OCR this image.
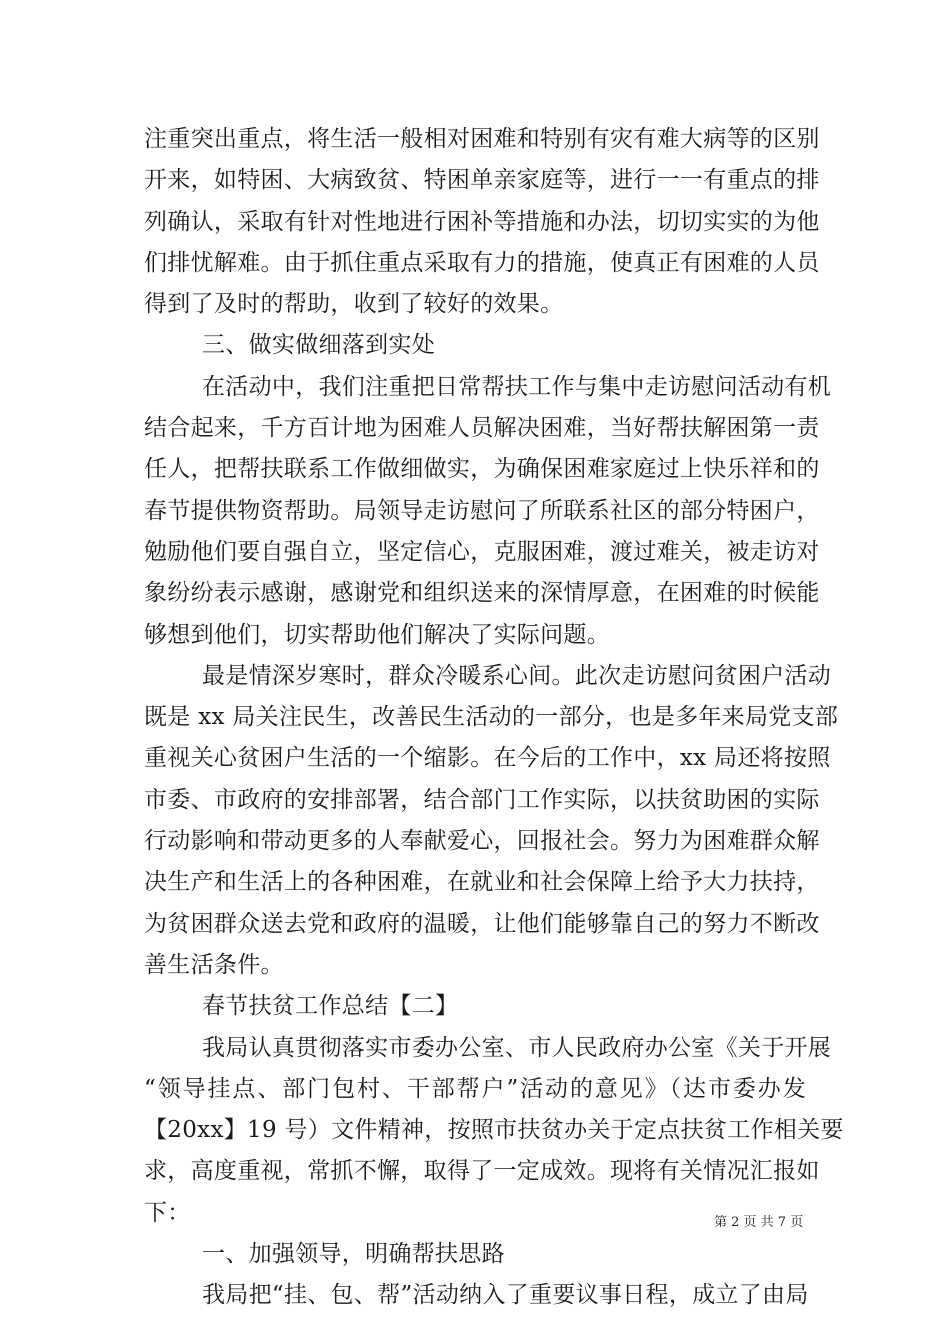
注重突出重点，将生活一般相对困难和特别有灾有难大病等的区别
开来，如特困、大病致贫、特困单亲家庭等，进行一一有重点的排
列确认，采取有针对性地进行困补等措施和办法，切切实实的为他
们排忧解难。由于抓住重点采取有力的措施，使真正有困难的人员
得到了及时的帮助，收到了较好的效果。
三、做实做细落到实处
在活动中，我们注重把日常帮扶工作与集中走访慰问活动有机
结合起来，千方百计地为困难人员解决困难，当好帮扶解困第一责
任人，把帮扶联系工作做细做实，为确保困难家庭过上快乐祥和的
春节提供物资帮助。局领导走访慰问了所联系社区的部分特困户，
勉励他们要自强自立，坚定信心，克服困难，渡过难关，被走访对
象纷纷表示感谢，感谢党和组织送来的深情厚意，在困难的时候能
够想到他们，切实帮助他们解决了实际问题。
最是情深岁寒时，群众冷暖系心间。此次走访慰问贫困户活动
既是 xx 局关注民生，改善民生活动的一部分，也是多年来局党支部
重视关心贫困户生活的一个缩影。在今后的工作中，xx 局还将按照
市委、市政府的安排部署，结合部门工作实际，以扶贫助困的实际
行动影响和带动更多的人奉献爱心，回报社会。努力为困难群众解
决生产和生活上的各种困难，在就业和社会保障上给予大力扶持，
为贫困群众送去党和政府的温暖，让他们能够靠自己的努力不断改
善生活条件。
春节扶贫工作总结【二】
我局认真贯彻落实市委办公室、市人民政府办公室《关于开展
“领导挂点、部门包村、干部帮户”活动的意见》（达市委办发
【20xx】19 号）文件精神，按照市扶贫办关于定点扶贫工作相关要
求，高度重视，常抓不懈，取得了一定成效。现将有关情况汇报如
下：
一、加强领导，明确帮扶思路
我局把“挂、包、帮”活动纳入了重要议事日程，成立了由局
第 2 页 共 7 页
